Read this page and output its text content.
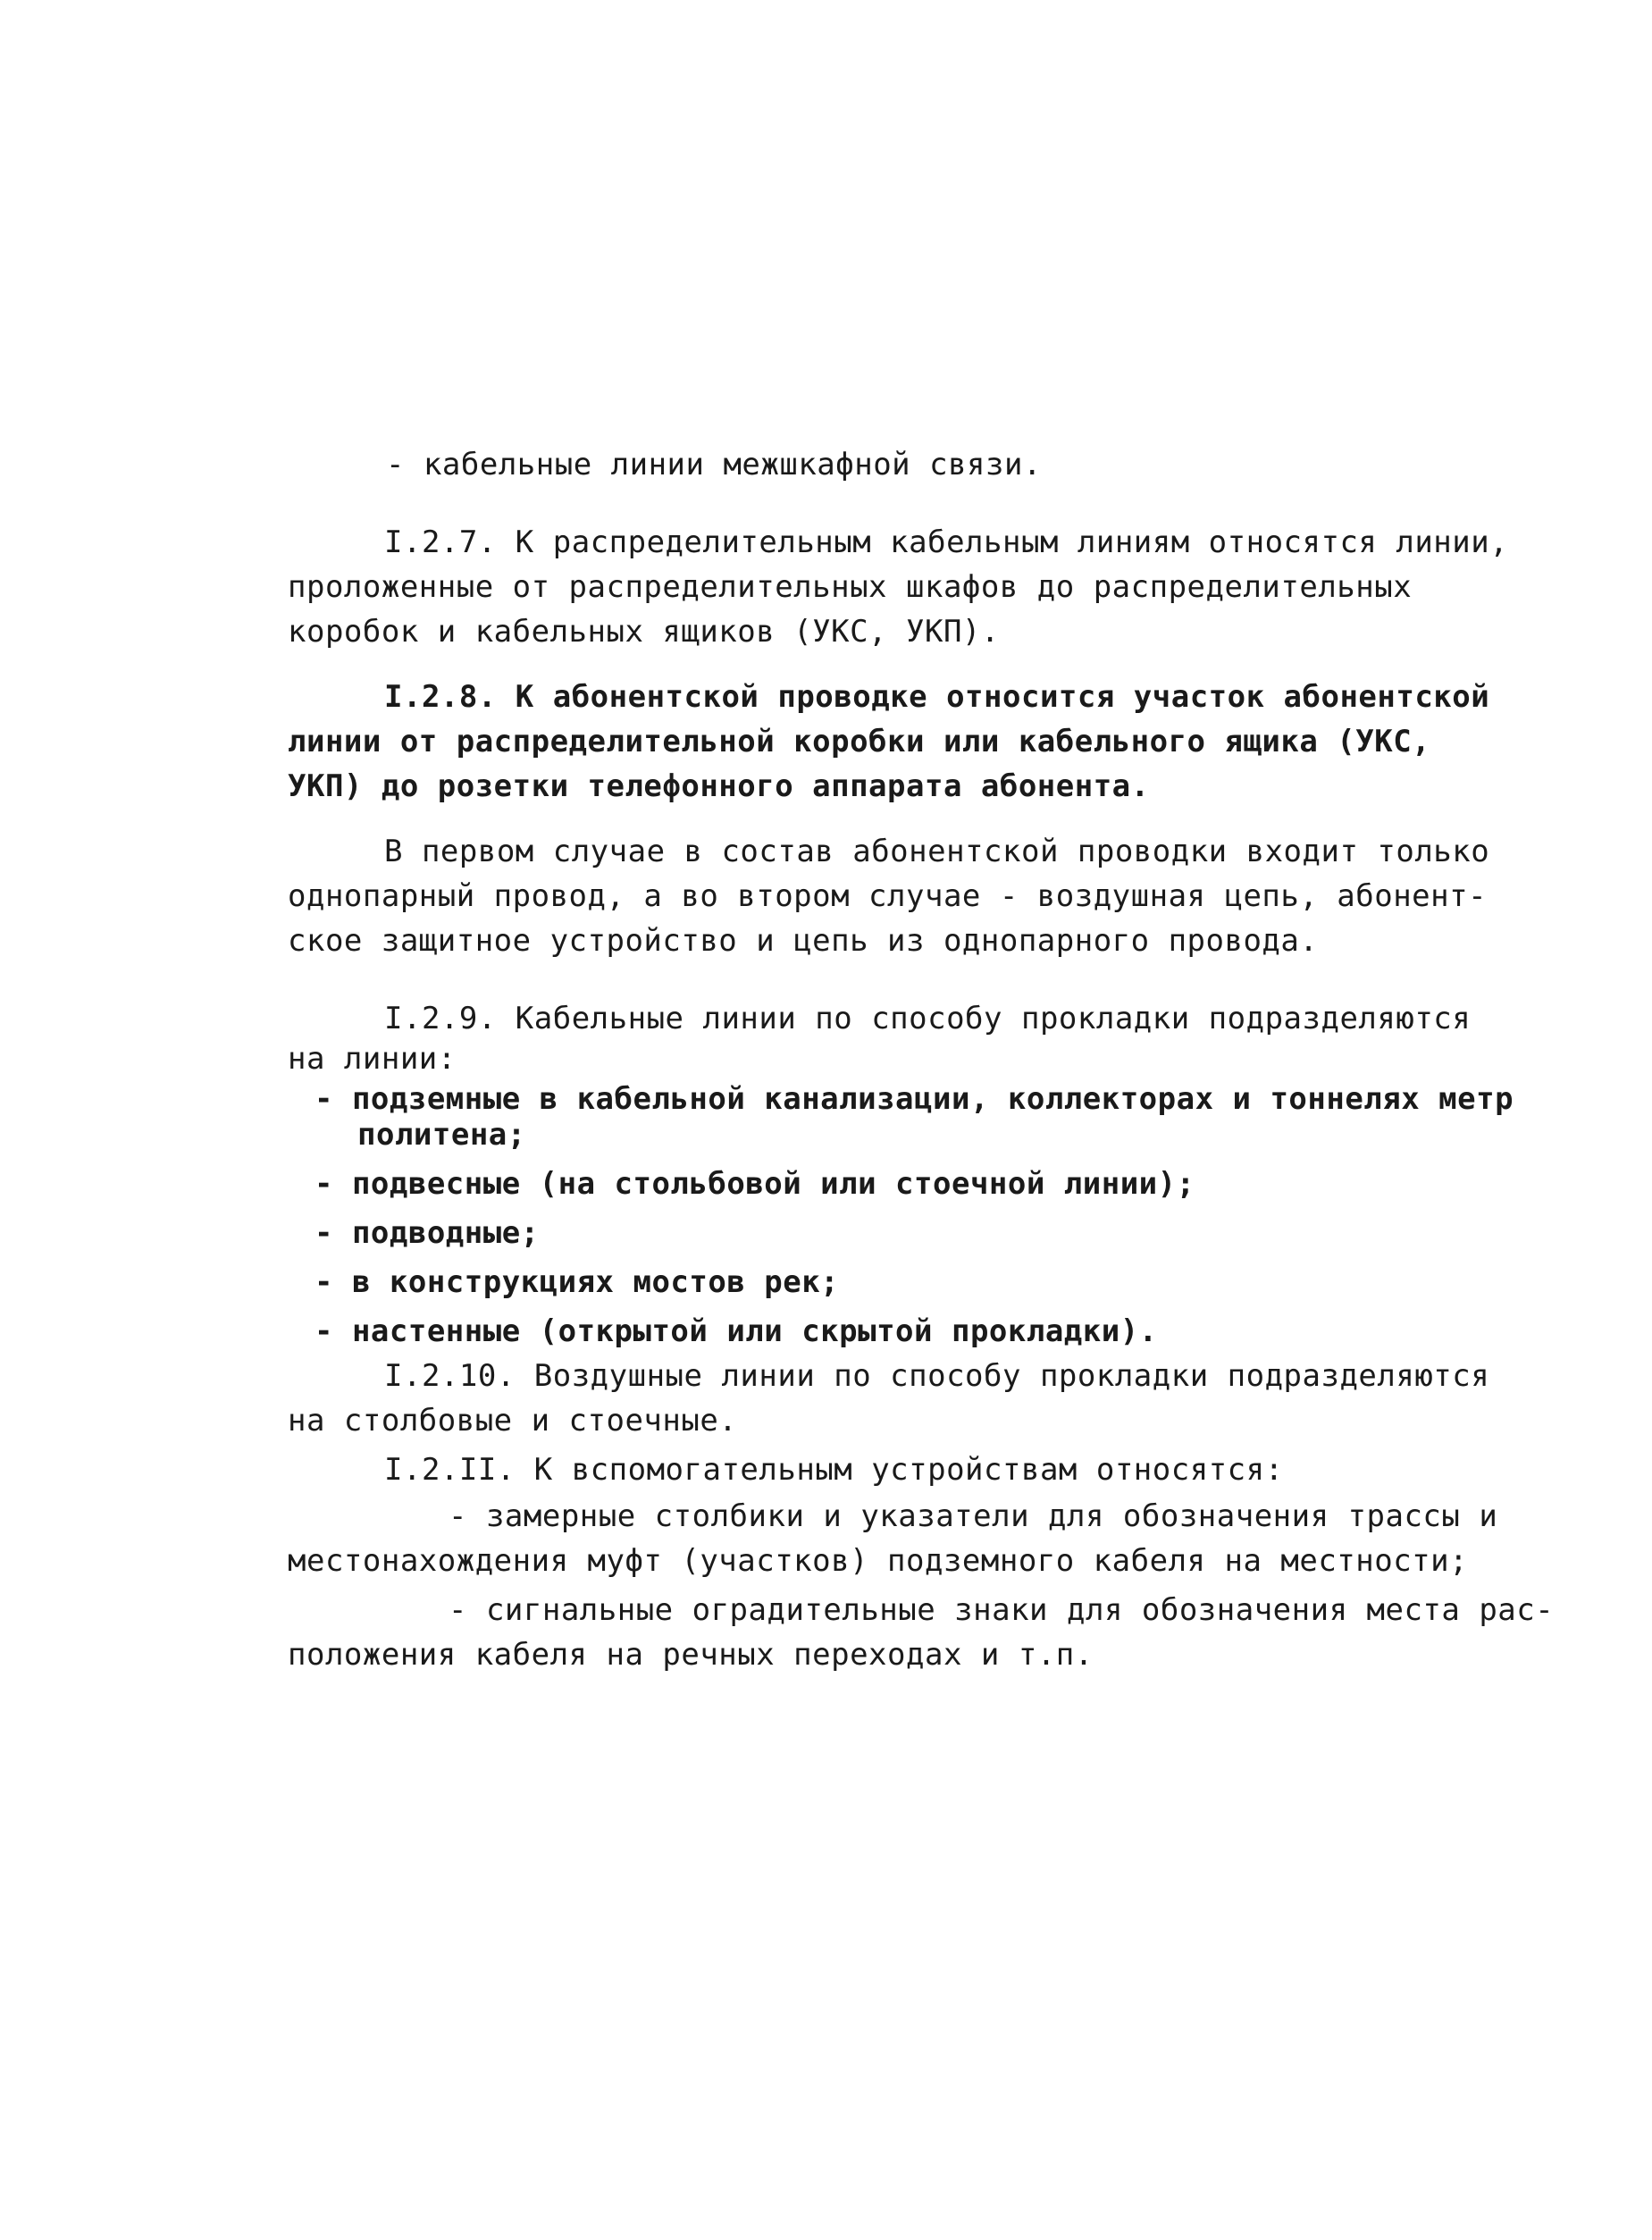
- кабельные линии межшкафной связи.
I.2.7. К распределительным кабельным линиям относятся линии,
проложенные от распределительных шкафов до распределительных
коробок и кабельных ящиков (УКС, УКП).
I.2.8. К абонентской проводке относится участок абонентской
линии от распределительной коробки или кабельного ящика (УКС,
УКП) до розетки телефонного аппарата абонента.
В первом случае в состав абонентской проводки входит только
однопарный провод, а во втором случае - воздушная цепь, абонент-
ское защитное устройство и цепь из однопарного провода.
I.2.9. Кабельные линии по способу прокладки подразделяются
на линии:
- подземные в кабельной канализации, коллекторах и тоннелях метр
политена;
- подвесные (на стольбовой или стоечной линии);
- подводные;
- в конструкциях мостов рек;
- настенные (открытой или скрытой прокладки).
I.2.10. Воздушные линии по способу прокладки подразделяются
на столбовые и стоечные.
I.2.II. К вспомогательным устройствам относятся:
- замерные столбики и указатели для обозначения трассы и
местонахождения муфт (участков) подземного кабеля на местности;
- сигнальные оградительные знаки для обозначения места рас-
положения кабеля на речных переходах и т.п.
